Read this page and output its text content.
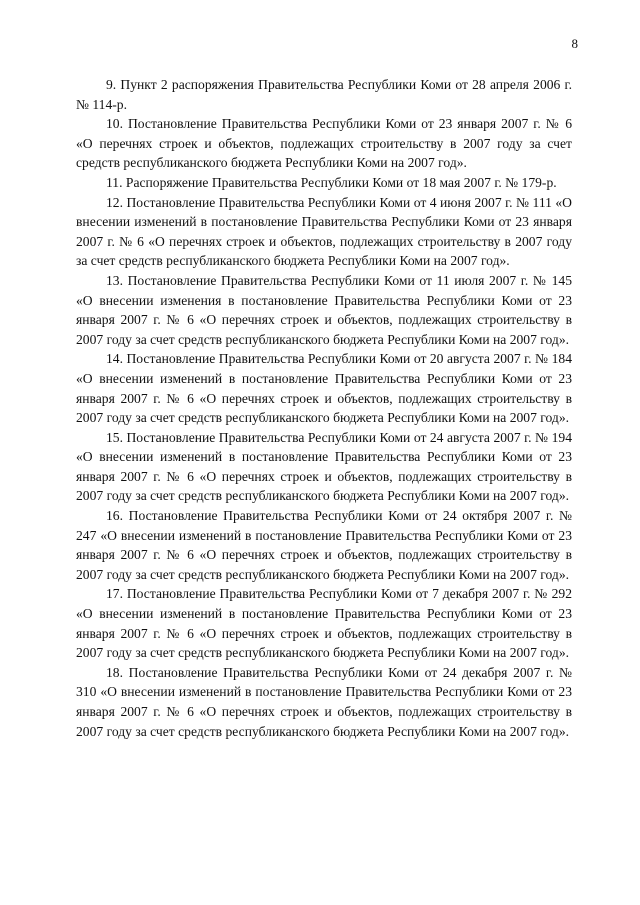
8

9. Пункт 2 распоряжения Правительства Республики Коми от 28 апреля 2006 г. № 114-р.

10. Постановление Правительства Республики Коми от 23 января 2007 г. № 6 «О перечнях строек и объектов, подлежащих строительству в 2007 году за счет средств республиканского бюджета Республики Коми на 2007 год».

11. Распоряжение Правительства Республики Коми от 18 мая 2007 г. № 179-р.

12. Постановление Правительства Республики Коми от 4 июня 2007 г. № 111 «О внесении изменений в постановление Правительства Республики Коми от 23 января 2007 г. № 6 «О перечнях строек и объектов, подлежащих строительству в 2007 году за счет средств республиканского бюджета Республики Коми на 2007 год».

13. Постановление Правительства Республики Коми от 11 июля 2007 г. № 145 «О внесении изменения в постановление Правительства Республики Коми от 23 января 2007 г. № 6 «О перечнях строек и объектов, подлежащих строительству в 2007 году за счет средств республиканского бюджета Республики Коми на 2007 год».

14. Постановление Правительства Республики Коми от 20 августа 2007 г. № 184 «О внесении изменений в постановление Правительства Республики Коми от 23 января 2007 г. № 6 «О перечнях строек и объектов, подлежащих строительству в 2007 году за счет средств республиканского бюджета Республики Коми на 2007 год».

15. Постановление Правительства Республики Коми от 24 августа 2007 г. № 194 «О внесении изменений в постановление Правительства Республики Коми от 23 января 2007 г. № 6 «О перечнях строек и объектов, подлежащих строительству в 2007 году за счет средств республиканского бюджета Республики Коми на 2007 год».

16. Постановление Правительства Республики Коми от 24 октября 2007 г. № 247 «О внесении изменений в постановление Правительства Республики Коми от 23 января 2007 г. № 6 «О перечнях строек и объектов, подлежащих строительству в 2007 году за счет средств республиканского бюджета Республики Коми на 2007 год».

17. Постановление Правительства Республики Коми от 7 декабря 2007 г. № 292 «О внесении изменений в постановление Правительства Республики Коми от 23 января 2007 г. № 6 «О перечнях строек и объектов, подлежащих строительству в 2007 году за счет средств республиканского бюджета Республики Коми на 2007 год».

18. Постановление Правительства Республики Коми от 24 декабря 2007 г. № 310 «О внесении изменений в постановление Правительства Республики Коми от 23 января 2007 г. № 6 «О перечнях строек и объектов, подлежащих строительству в 2007 году за счет средств республиканского бюджета Республики Коми на 2007 год».
